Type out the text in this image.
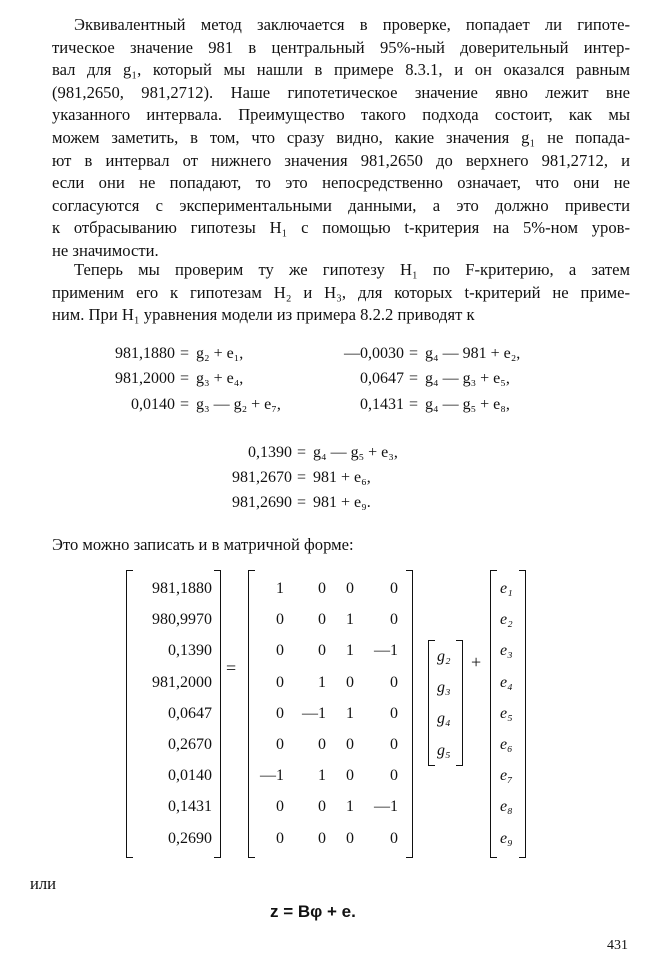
Эквивалентный метод заключается в проверке, попадает ли гипоте-
тическое значение 981 в центральный 95%-ный доверительный интер-
вал для g₁, который мы нашли в примере 8.3.1, и он оказался равным
(981,2650, 981,2712). Наше гипотетическое значение явно лежит вне
указанного интервала. Преимущество такого подхода состоит, как мы
можем заметить, в том, что сразу видно, какие значения g₁ не попада-
ют в интервал от нижнего значения 981,2650 до верхнего 981,2712, и
если они не попадают, то это непосредственно означает, что они не
согласуются с экспериментальными данными, а это должно привести
к отбрасыванию гипотезы H₁ с помощью t-критерия на 5%-ном уров-
не значимости.
Теперь мы проверим ту же гипотезу H₁ по F-критерию, а затем
применим его к гипотезам H₂ и H₃, для которых t-критерий не приме-
ним. При H₁ уравнения модели из примера 8.2.2 приводят к
981,1880 = g₂ + e₁,
981,2000 = g₃ + e₄,
0,0140 = g₃ — g₂ + e₇,
—0,0030 = g₄ — 981 + e₂,
0,0647 = g₄ — g₃ + e₅,
0,1431 = g₄ — g₅ + e₈,
0,1390 = g₄ — g₅ + e₃,
981,2670 = 981 + e₆,
981,2690 = 981 + e₉.
Это можно записать и в матричной форме:
981,1880
980,9970
0,1390
981,2000
0,0647
0,2670
0,0140
0,1431
0,2690
=
1	0	0	0
0	0	1	0
0	0	1	—1
0	1	0	0
0	—1	1	0
0	0	0	0
—1	1	0	0
0	0	1	—1
0	0	0	0
g₂
g₃
g₄
g₅
+
e₁
e₂
e₃
e₄
e₅
e₆
e₇
e₈
e₉
или
z = Bφ + e.
431
